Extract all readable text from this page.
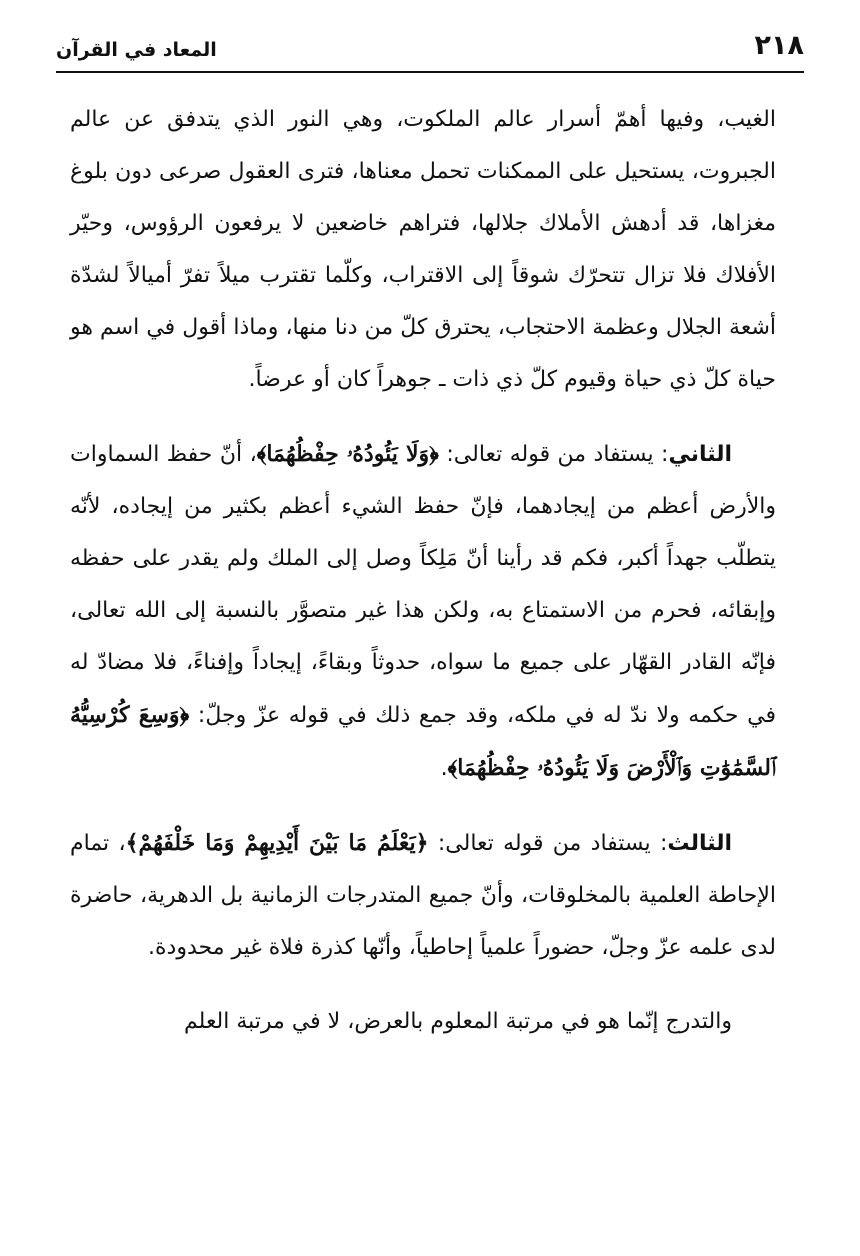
٢١٨
المعاد في القرآن

الغيب، وفيها أهمّ أسرار عالم الملكوت، وهي النور الذي يتدفق عن عالم الجبروت، يستحيل على الممكنات تحمل معناها، فترى العقول صرعى دون بلوغ مغزاها، قد أدهش الأملاك جلالها، فتراهم خاضعين لا يرفعون الرؤوس، وحيّر الأفلاك فلا تزال تتحرّك شوقاً إلى الاقتراب، وكلّما تقترب ميلاً تفرّ أميالاً لشدّة أشعة الجلال وعظمة الاحتجاب، يحترق كلّ من دنا منها، وماذا أقول في اسم هو حياة كلّ ذي حياة وقيوم كلّ ذي ذات ـ جوهراً كان أو عرضاً.

الثاني: يستفاد من قوله تعالى: ﴿وَلَا يَئُودُهُۥ حِفْظُهُمَا﴾، أنّ حفظ السماوات والأرض أعظم من إيجادهما، فإنّ حفظ الشيء أعظم بكثير من إيجاده، لأنّه يتطلّب جهداً أكبر، فكم قد رأينا أنّ مَلِكاً وصل إلى الملك ولم يقدر على حفظه وإبقائه، فحرم من الاستمتاع به، ولكن هذا غير متصوَّر بالنسبة إلى الله تعالى، فإنّه القادر القهّار على جميع ما سواه، حدوثاً وبقاءً، إيجاداً وإفناءً، فلا مضادّ له في حكمه ولا ندّ له في ملكه، وقد جمع ذلك في قوله عزّ وجلّ: ﴿وَسِعَ كُرْسِيُّهُ ٱلسَّمَٰوَٰتِ وَٱلْأَرْضَ وَلَا يَئُودُهُۥ حِفْظُهُمَا﴾.

الثالث: يستفاد من قوله تعالى: ﴿يَعْلَمُ مَا بَيْنَ أَيْدِيهِمْ وَمَا خَلْفَهُمْ﴾، تمام الإحاطة العلمية بالمخلوقات، وأنّ جميع المتدرجات الزمانية بل الدهرية، حاضرة لدى علمه عزّ وجلّ، حضوراً علمياً إحاطياً، وأنّها كذرة فلاة غير محدودة.

والتدرج إنّما هو في مرتبة المعلوم بالعرض، لا في مرتبة العلم
